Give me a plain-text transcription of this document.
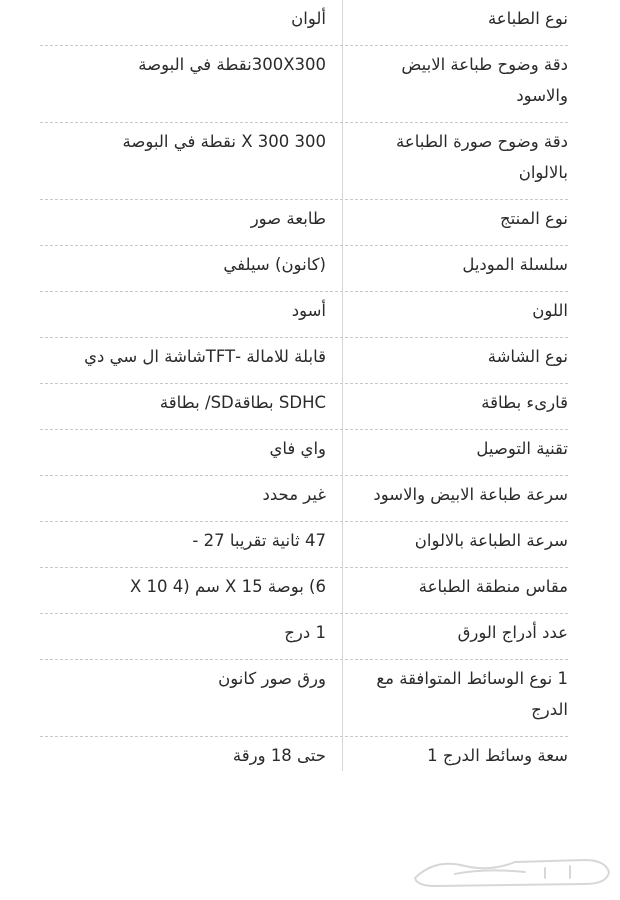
نوع الطباعة
ألوان
دقة وضوح طباعة الابيض والاسود
300X300نقطة في البوصة
دقة وضوح صورة الطباعة بالالوان
300 X 300 نقطة في البوصة
نوع المنتج
طابعة صور
سلسلة الموديل
(كانون) سيلفي
اللون
أسود
نوع الشاشة
قابلة للامالة -TFTشاشة ال سي دي
قارىء بطاقة
SDHC بطاقةSD/ بطاقة
تقنية التوصيل
واي فاي
سرعة طباعة الابيض والاسود
غير محدد
سرعة الطباعة بالالوان
47 ثانية تقريبا 27 -
مقاس منطقة الطباعة
6) بوصة 15 X سم (4 X 10
عدد أدراج الورق
1 درج
1 نوع الوسائط المتوافقة مع الدرج
ورق صور كانون
سعة وسائط الدرج 1
حتى 18 ورقة
